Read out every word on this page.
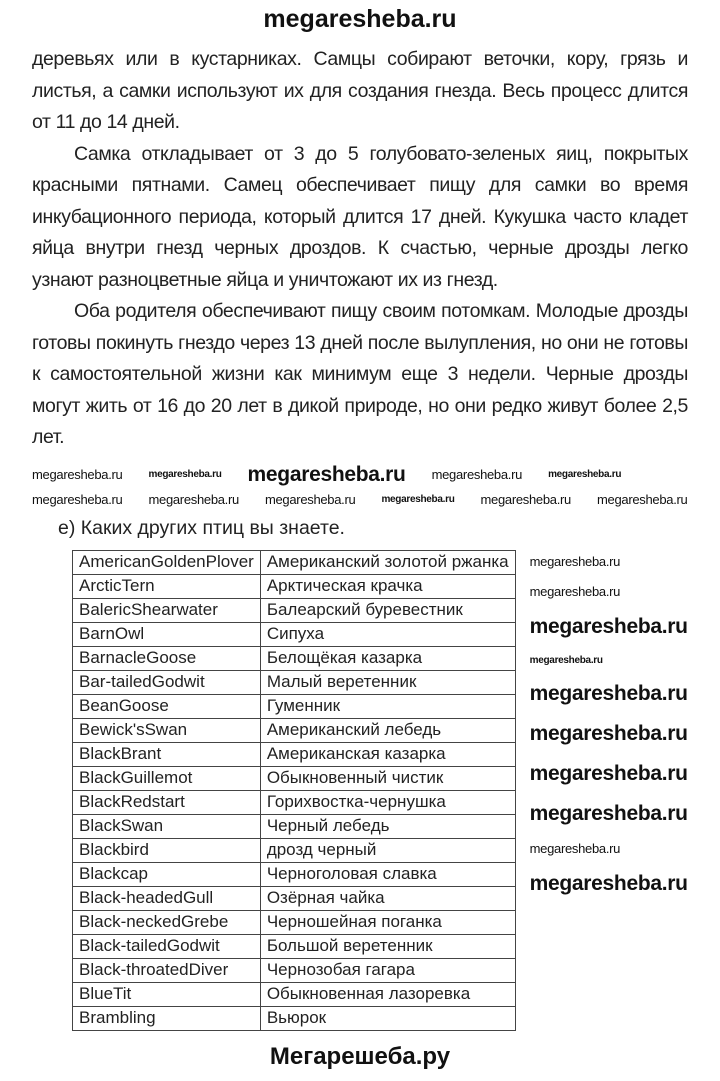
megaresheba.ru

деревьях или в кустарниках. Самцы собирают веточки, кору, грязь и листья, а самки используют их для создания гнезда. Весь процесс длится от 11 до 14 дней.

Самка откладывает от 3 до 5 голубовато-зеленых яиц, покрытых красными пятнами. Самец обеспечивает пищу для самки во время инкубационного периода, который длится 17 дней. Кукушка часто кладет яйца внутри гнезд черных дроздов. К счастью, черные дрозды легко узнают разноцветные яйца и уничтожают их из гнезд.

Оба родителя обеспечивают пищу своим потомкам. Молодые дрозды готовы покинуть гнездо через 13 дней после вылупления, но они не готовы к самостоятельной жизни как минимум еще 3 недели. Черные дрозды могут жить от 16 до 20 лет в дикой природе, но они редко живут более 2,5 лет.

megaresheba.ru	megaresheba.ru megaresheba.ru megaresheba.ru	megaresheba.ru
megaresheba.ru megaresheba.ru megaresheba.ru	megaresheba.ru megaresheba.ru megaresheba.ru
е) Каких других птиц вы знаете.
AmericanGoldenPlover	Американский золотой ржанка
ArcticTern	Арктическая крачка
BalericShearwater	Балеарский буревестник
BarnOwl	Сипуха
BarnacleGoose	Белощёкая казарка
Bar-tailedGodwit	Малый веретенник
BeanGoose	Гуменник
Bewick'sSwan	Американский лебедь
BlackBrant	Американская казарка
BlackGuillemot	Обыкновенный чистик
BlackRedstart	Горихвостка-чернушка
BlackSwan	Черный лебедь
Blackbird	дрозд черный
Blackcap	Черноголовая славка
Black-headedGull	Озёрная чайка
Black-neckedGrebe	Черношейная поганка
Black-tailedGodwit	Большой веретенник
Black-throatedDiver	Чернозобая гагара
BlueTit	Обыкновенная лазоревка
Brambling	Вьюрок
megaresheba.ru
megaresheba.ru
megaresheba.ru
megaresheba.ru
megaresheba.ru
megaresheba.ru
megaresheba.ru
megaresheba.ru
megaresheba.ru
megaresheba.ru
Мегарешеба.ру
